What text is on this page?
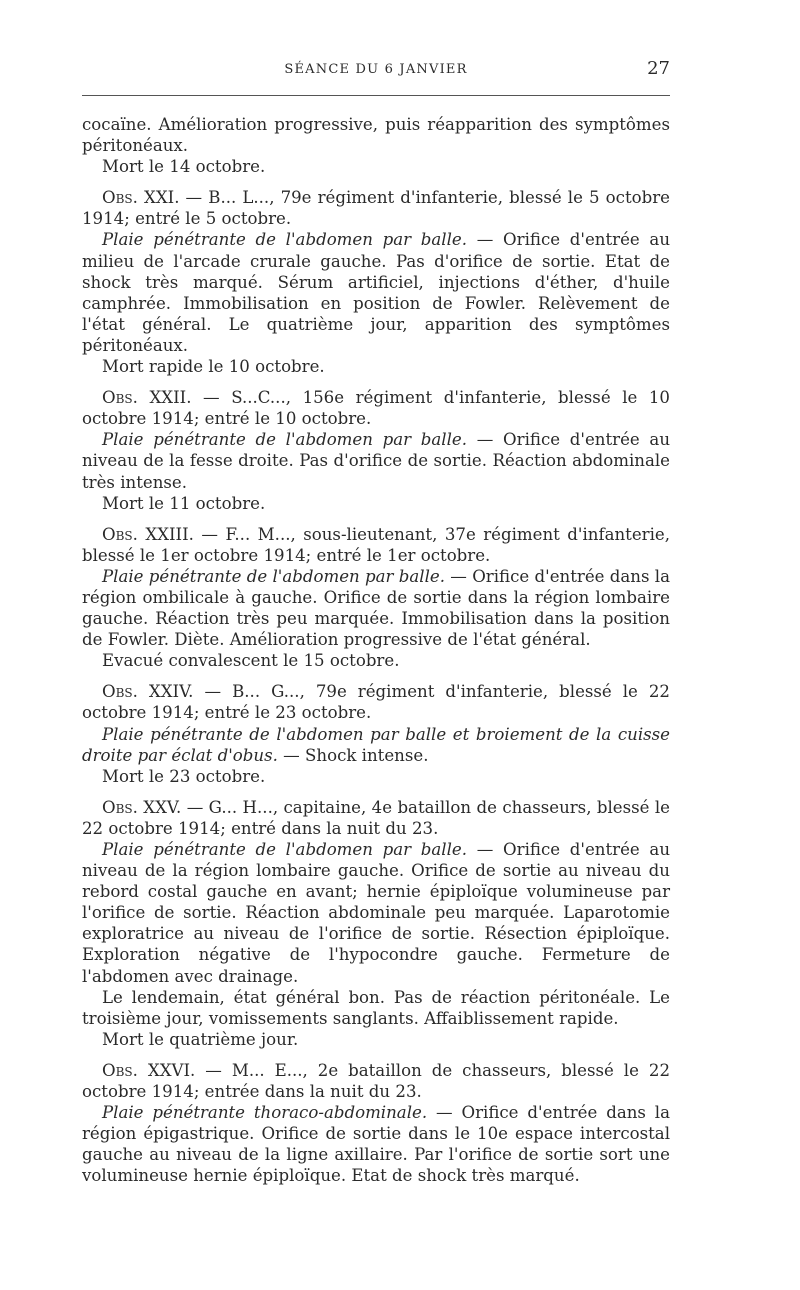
SÉANCE DU 6 JANVIER	27

cocaïne. Amélioration progressive, puis réapparition des symptômes péritonéaux.

Mort le 14 octobre.

Obs. XXI. — B... L..., 79e régiment d'infanterie, blessé le 5 octobre 1914; entré le 5 octobre.

Plaie pénétrante de l'abdomen par balle. — Orifice d'entrée au milieu de l'arcade crurale gauche. Pas d'orifice de sortie. Etat de shock très marqué. Sérum artificiel, injections d'éther, d'huile camphrée. Immobilisation en position de Fowler. Relèvement de l'état général. Le quatrième jour, apparition des symptômes péritonéaux.

Mort rapide le 10 octobre.

Obs. XXII. — S...C..., 156e régiment d'infanterie, blessé le 10 octobre 1914; entré le 10 octobre.

Plaie pénétrante de l'abdomen par balle. — Orifice d'entrée au niveau de la fesse droite. Pas d'orifice de sortie. Réaction abdominale très intense.

Mort le 11 octobre.

Obs. XXIII. — F... M..., sous-lieutenant, 37e régiment d'infanterie, blessé le 1er octobre 1914; entré le 1er octobre.

Plaie pénétrante de l'abdomen par balle. — Orifice d'entrée dans la région ombilicale à gauche. Orifice de sortie dans la région lombaire gauche. Réaction très peu marquée. Immobilisation dans la position de Fowler. Diète. Amélioration progressive de l'état général.

Evacué convalescent le 15 octobre.

Obs. XXIV. — B... G..., 79e régiment d'infanterie, blessé le 22 octobre 1914; entré le 23 octobre.

Plaie pénétrante de l'abdomen par balle et broiement de la cuisse droite par éclat d'obus. — Shock intense.

Mort le 23 octobre.

Obs. XXV. — G... H..., capitaine, 4e bataillon de chasseurs, blessé le 22 octobre 1914; entré dans la nuit du 23.

Plaie pénétrante de l'abdomen par balle. — Orifice d'entrée au niveau de la région lombaire gauche. Orifice de sortie au niveau du rebord costal gauche en avant; hernie épiploïque volumineuse par l'orifice de sortie. Réaction abdominale peu marquée. Laparotomie exploratrice au niveau de l'orifice de sortie. Résection épiploïque. Exploration négative de l'hypocondre gauche. Fermeture de l'abdomen avec drainage.

Le lendemain, état général bon. Pas de réaction péritonéale. Le troisième jour, vomissements sanglants. Affaiblissement rapide.

Mort le quatrième jour.

Obs. XXVI. — M... E..., 2e bataillon de chasseurs, blessé le 22 octobre 1914; entrée dans la nuit du 23.

Plaie pénétrante thoraco-abdominale. — Orifice d'entrée dans la région épigastrique. Orifice de sortie dans le 10e espace intercostal gauche au niveau de la ligne axillaire. Par l'orifice de sortie sort une volumineuse hernie épiploïque. Etat de shock très marqué.
